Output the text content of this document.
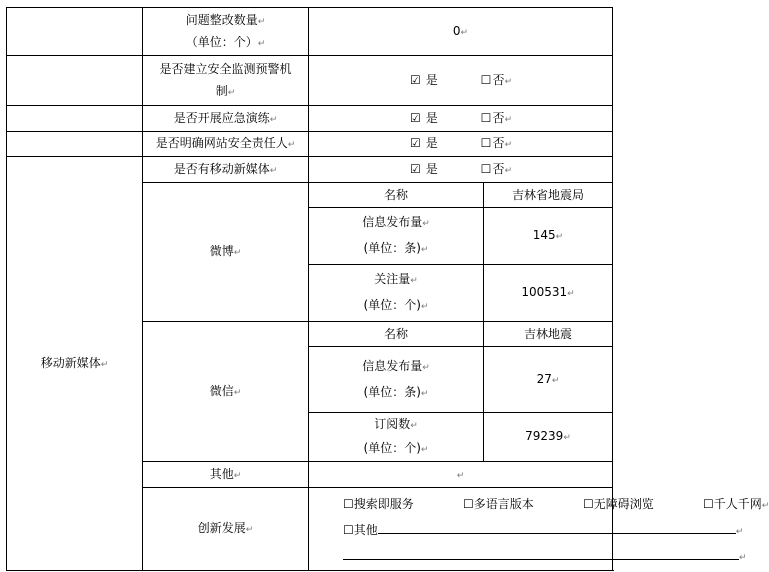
	问题整改数量↵
（单位：个）↵	0↵	
	是否建立安全监测预警机
制↵	☑ 是 ☐否↵	
	是否开展应急演练↵	☑ 是 ☐否↵	
	是否明确网站安全责任人↵	☑ 是 ☐否↵	
移动新媒体↵	是否有移动新媒体↵	☑ 是 ☐否↵	
	微博↵	名称	吉林省地震局
		信息发布量↵
(单位：条)↵	145↵
		关注量↵
(单位：个)↵	100531↵
	微信↵	名称	吉林地震
		信息发布量↵
(单位：条)↵	27↵
		订阅数↵
(单位：个)↵	79239↵
	其他↵	↵	
	创新发展↵	☐搜索即服务 ☐多语言版本 ☐无障碍浏览 ☐千人千网↵
☐其他 ↵
↵	
